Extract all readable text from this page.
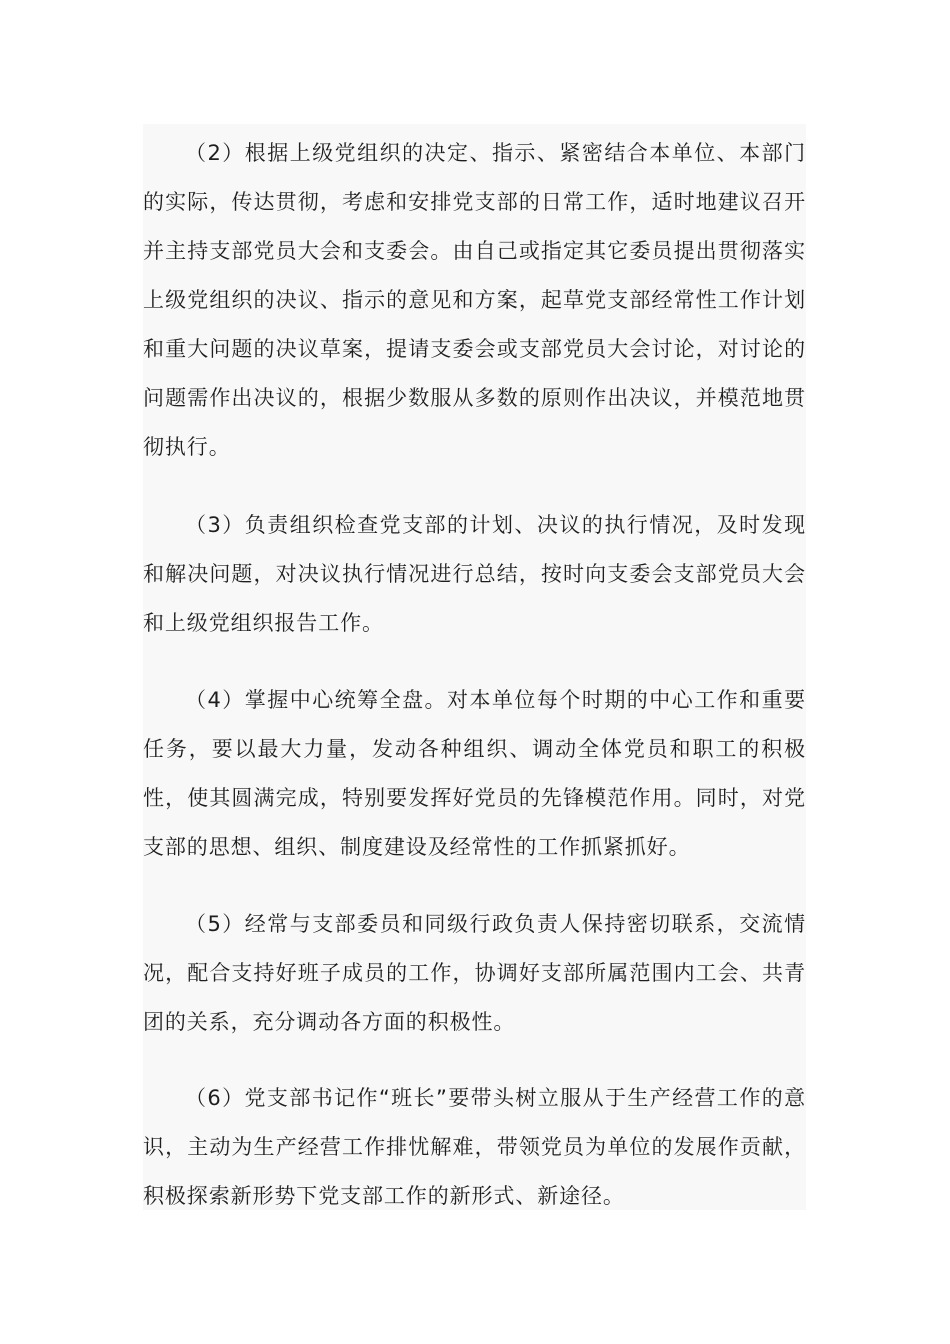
（2）根据上级党组织的决定、指示、紧密结合本单位、本部门的实际，传达贯彻，考虑和安排党支部的日常工作，适时地建议召开并主持支部党员大会和支委会。由自己或指定其它委员提出贯彻落实上级党组织的决议、指示的意见和方案，起草党支部经常性工作计划和重大问题的决议草案，提请支委会或支部党员大会讨论，对讨论的问题需作出决议的，根据少数服从多数的原则作出决议，并模范地贯彻执行。

（3）负责组织检查党支部的计划、决议的执行情况，及时发现和解决问题，对决议执行情况进行总结，按时向支委会支部党员大会和上级党组织报告工作。

（4）掌握中心统筹全盘。对本单位每个时期的中心工作和重要任务，要以最大力量，发动各种组织、调动全体党员和职工的积极性，使其圆满完成，特别要发挥好党员的先锋模范作用。同时，对党支部的思想、组织、制度建设及经常性的工作抓紧抓好。

（5）经常与支部委员和同级行政负责人保持密切联系，交流情况，配合支持好班子成员的工作，协调好支部所属范围内工会、共青团的关系，充分调动各方面的积极性。

（6）党支部书记作“班长”要带头树立服从于生产经营工作的意识，主动为生产经营工作排忧解难，带领党员为单位的发展作贡献，积极探索新形势下党支部工作的新形式、新途径。
